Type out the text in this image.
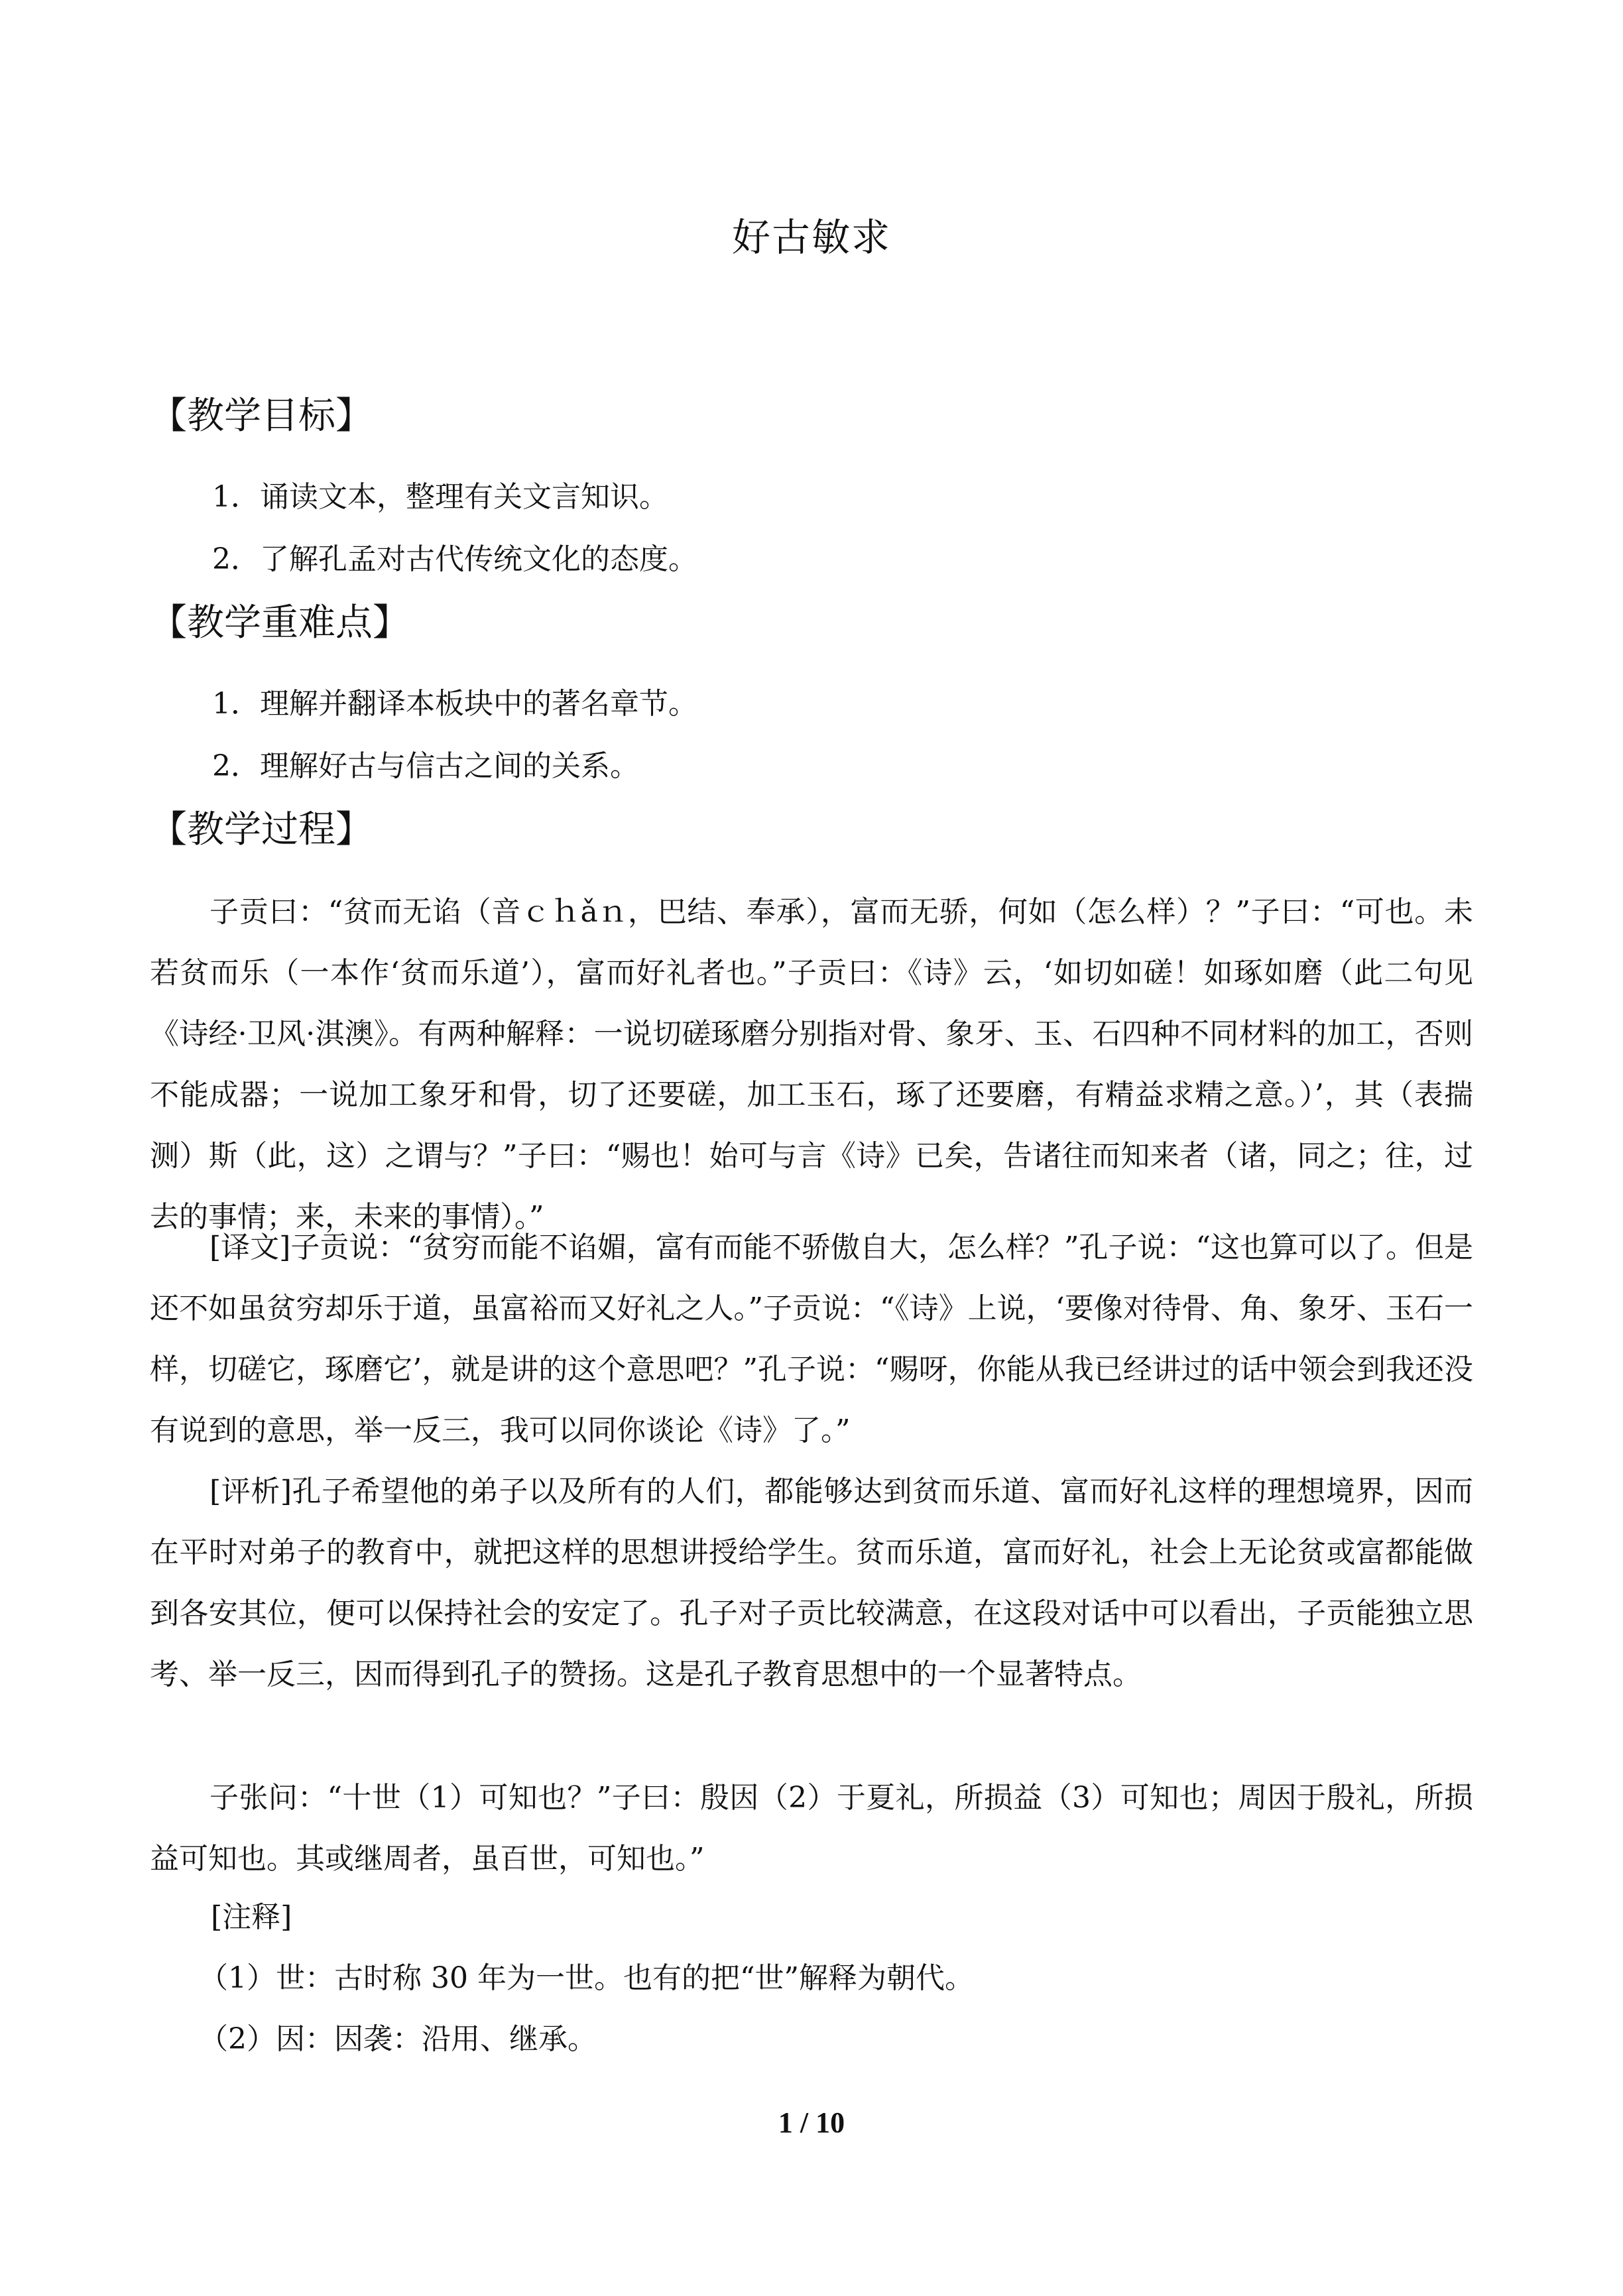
好古敏求
【教学目标】
1．诵读文本，整理有关文言知识。
2．了解孔孟对古代传统文化的态度。
【教学重难点】
1．理解并翻译本板块中的著名章节。
2．理解好古与信古之间的关系。
【教学过程】
子贡曰：“贫而无谄（音ｃｈǎｎ，巴结、奉承），富而无骄，何如（怎么样）？”子曰：“可也。未若贫而乐（一本作‘贫而乐道’），富而好礼者也。”子贡曰：《诗》云，‘如切如磋！如琢如磨（此二句见《诗经·卫风·淇澳》。有两种解释：一说切磋琢磨分别指对骨、象牙、玉、石四种不同材料的加工，否则不能成器；一说加工象牙和骨，切了还要磋，加工玉石，琢了还要磨，有精益求精之意。）’，其（表揣测）斯（此，这）之谓与？”子曰：“赐也！始可与言《诗》已矣，告诸往而知来者（诸，同之；往，过去的事情；来，未来的事情）。”
[译文]子贡说：“贫穷而能不谄媚，富有而能不骄傲自大，怎么样？”孔子说：“这也算可以了。但是还不如虽贫穷却乐于道，虽富裕而又好礼之人。”子贡说：“《诗》上说，‘要像对待骨、角、象牙、玉石一样，切磋它，琢磨它’，就是讲的这个意思吧？”孔子说：“赐呀，你能从我已经讲过的话中领会到我还没有说到的意思，举一反三，我可以同你谈论《诗》了。”
[评析]孔子希望他的弟子以及所有的人们，都能够达到贫而乐道、富而好礼这样的理想境界，因而在平时对弟子的教育中，就把这样的思想讲授给学生。贫而乐道，富而好礼，社会上无论贫或富都能做到各安其位，便可以保持社会的安定了。孔子对子贡比较满意，在这段对话中可以看出，子贡能独立思考、举一反三，因而得到孔子的赞扬。这是孔子教育思想中的一个显著特点。
子张问：“十世（1）可知也？”子曰：殷因（2）于夏礼，所损益（3）可知也；周因于殷礼，所损益可知也。其或继周者，虽百世，可知也。”
[注释]
（1）世：古时称 30 年为一世。也有的把“世”解释为朝代。
（2）因：因袭：沿用、继承。
1 / 10
